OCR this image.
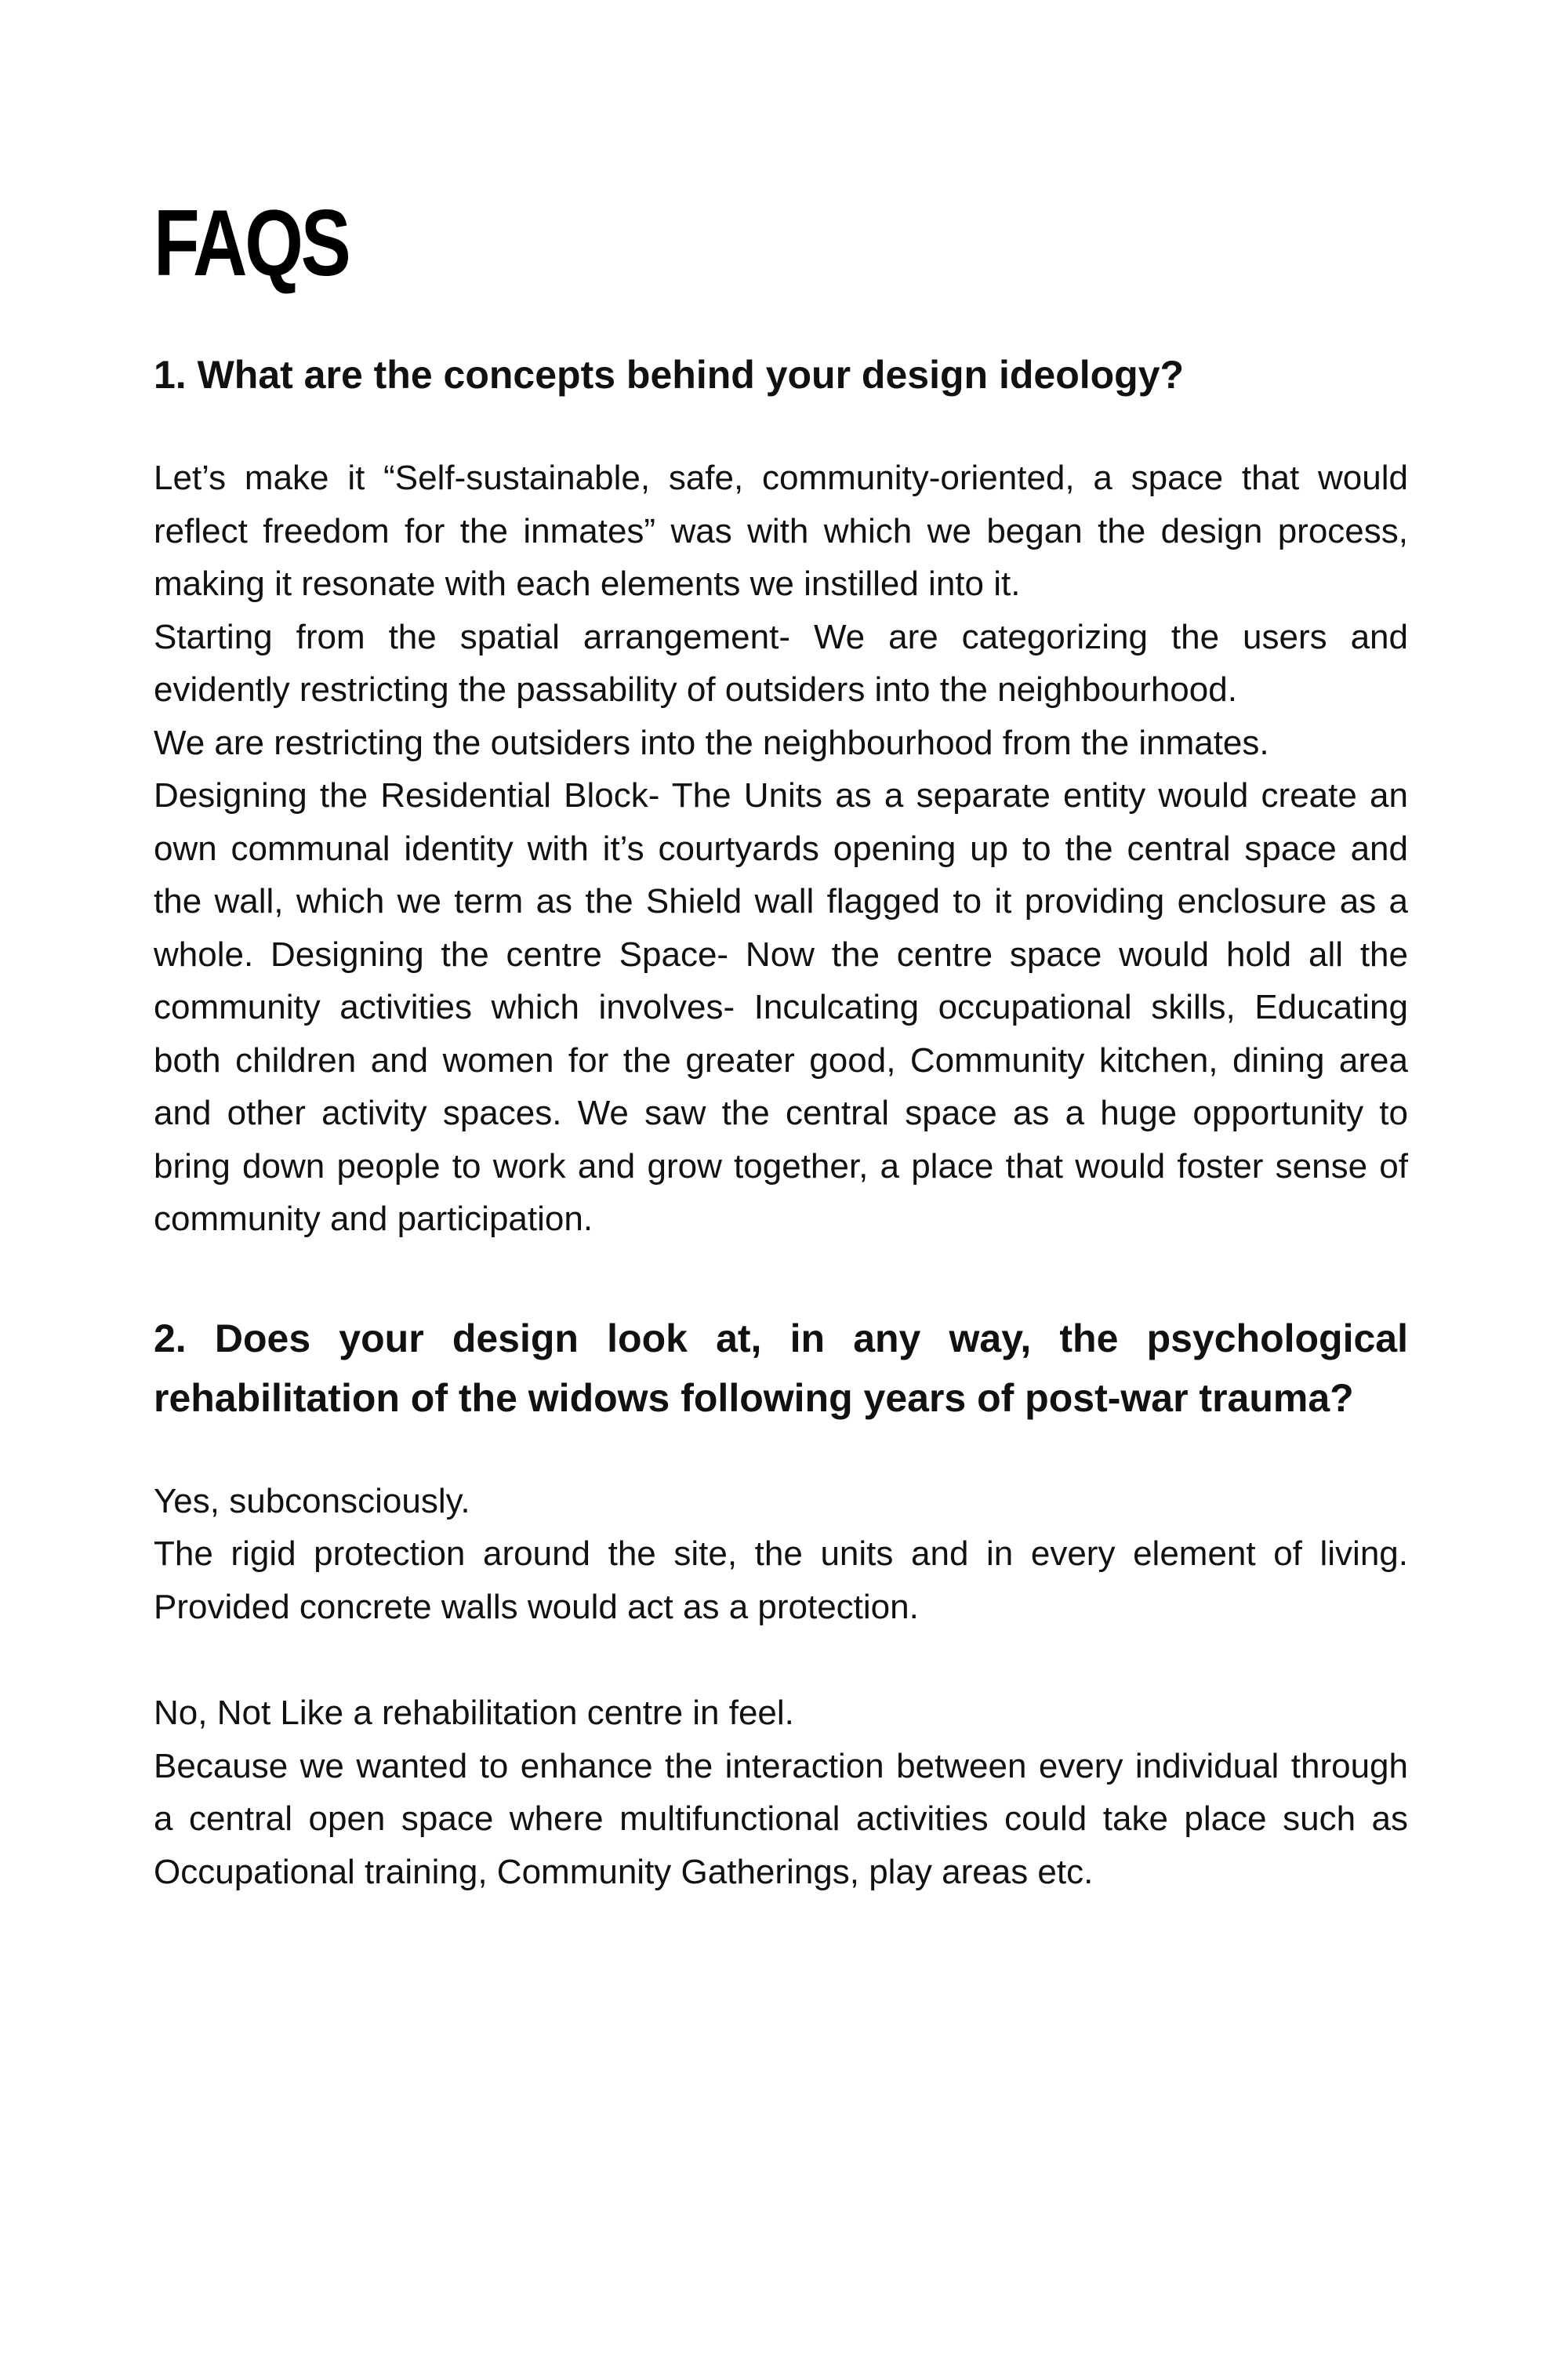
FAQS
1. What are the concepts behind your design ideology?

Let’s make it “Self-sustainable, safe, community-oriented, a space that would reflect freedom for the inmates” was with which we began the design process, making it resonate with each elements we instilled into it.

Starting from the spatial arrangement- We are categorizing the users and evidently restricting the passability of outsiders into the neighbourhood.

We are restricting the outsiders into the neighbourhood from the inmates.

Designing the Residential Block- The Units as a separate entity would create an own communal identity with it’s courtyards opening up to the central space and the wall, which we term as the Shield wall flagged to it providing enclosure as a whole. Designing the centre Space- Now the centre space would hold all the community activities which involves- Inculcating occupational skills, Educating both children and women for the greater good, Community kitchen, dining area and other activity spaces. We saw the central space as a huge opportunity to bring down people to work and grow together, a place that would foster sense of community and participation.

2. Does your design look at, in any way, the psychological rehabilitation of the widows following years of post-war trauma?

Yes, subconsciously.

The rigid protection around the site, the units and in every element of living. Provided concrete walls would act as a protection.

No, Not Like a rehabilitation centre in feel.

Because we wanted to enhance the interaction between every individual through a central open space where multifunctional activities could take place such as Occupational training, Community Gatherings, play areas etc.
